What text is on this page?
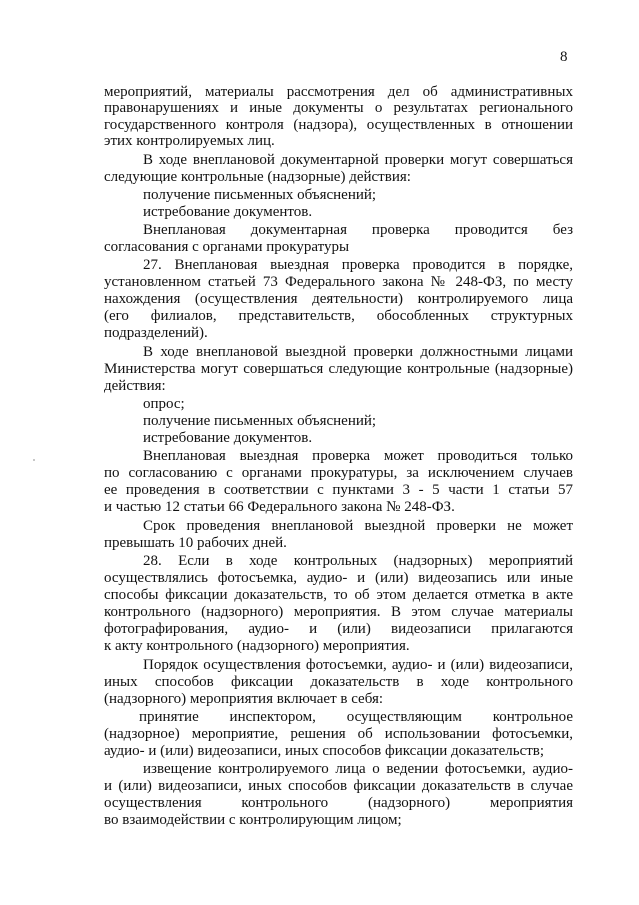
8
мероприятий, материалы рассмотрения дел об административных
правонарушениях и иные документы о результатах регионального
государственного контроля (надзора), осуществленных в отношении
этих контролируемых лиц.
В ходе внеплановой документарной проверки могут совершаться
следующие контрольные (надзорные) действия:
получение письменных объяснений;
истребование документов.
Внеплановая документарная проверка проводится без
согласования с органами прокуратуры
27. Внеплановая выездная проверка проводится в порядке,
установленном статьей 73 Федерального закона № 248-ФЗ, по месту
нахождения (осуществления деятельности) контролируемого лица
(его филиалов, представительств, обособленных структурных
подразделений).
В ходе внеплановой выездной проверки должностными лицами
Министерства могут совершаться следующие контрольные (надзорные)
действия:
опрос;
получение письменных объяснений;
истребование документов.
Внеплановая выездная проверка может проводиться только
по согласованию с органами прокуратуры, за исключением случаев
ее проведения в соответствии с пунктами 3 - 5 части 1 статьи 57
и частью 12 статьи 66 Федерального закона № 248-ФЗ.
Срок проведения внеплановой выездной проверки не может
превышать 10 рабочих дней.
28. Если в ходе контрольных (надзорных) мероприятий
осуществлялись фотосъемка, аудио- и (или) видеозапись или иные
способы фиксации доказательств, то об этом делается отметка в акте
контрольного (надзорного) мероприятия. В этом случае материалы
фотографирования, аудио- и (или) видеозаписи прилагаются
к акту контрольного (надзорного) мероприятия.
Порядок осуществления фотосъемки, аудио- и (или) видеозаписи,
иных способов фиксации доказательств в ходе контрольного
(надзорного) мероприятия включает в себя:
принятие инспектором, осуществляющим контрольное
(надзорное) мероприятие, решения об использовании фотосъемки,
аудио- и (или) видеозаписи, иных способов фиксации доказательств;
извещение контролируемого лица о ведении фотосъемки, аудио-
и (или) видеозаписи, иных способов фиксации доказательств в случае
осуществления контрольного (надзорного) мероприятия
во взаимодействии с контролирующим лицом;
